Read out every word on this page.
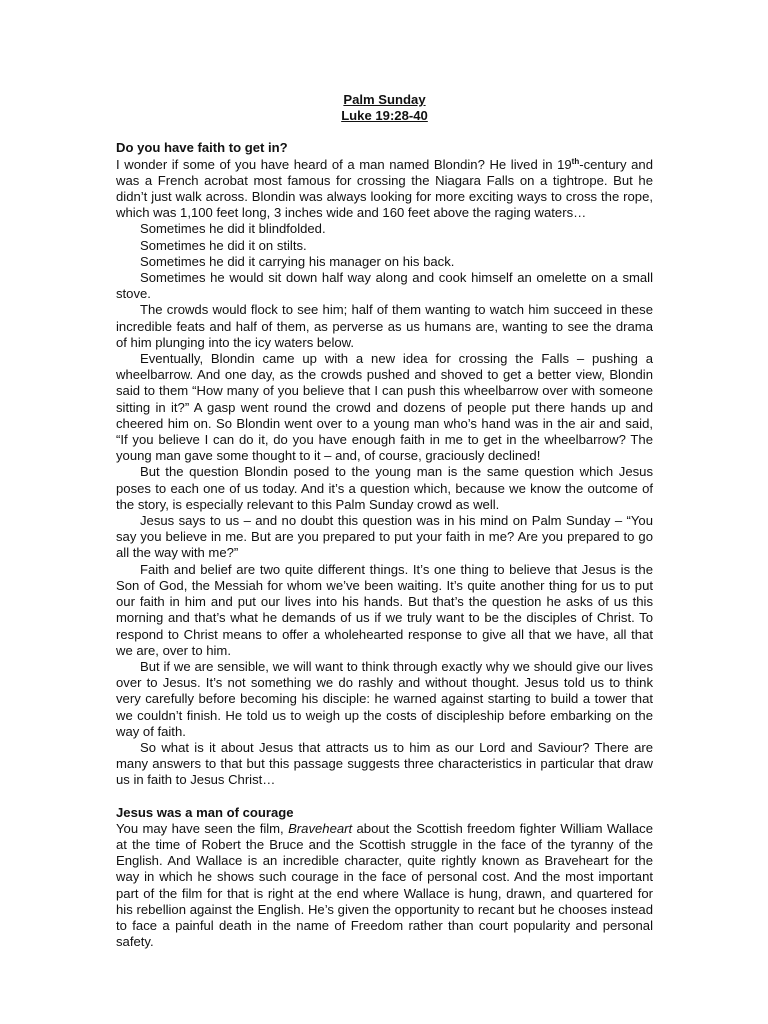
Palm Sunday
Luke 19:28-40
Do you have faith to get in?

I wonder if some of you have heard of a man named Blondin? He lived in 19th-century and was a French acrobat most famous for crossing the Niagara Falls on a tightrope. But he didn’t just walk across. Blondin was always looking for more exciting ways to cross the rope, which was 1,100 feet long, 3 inches wide and 160 feet above the raging waters…

Sometimes he did it blindfolded.

Sometimes he did it on stilts.

Sometimes he did it carrying his manager on his back.

Sometimes he would sit down half way along and cook himself an omelette on a small stove.

The crowds would flock to see him; half of them wanting to watch him succeed in these incredible feats and half of them, as perverse as us humans are, wanting to see the drama of him plunging into the icy waters below.

Eventually, Blondin came up with a new idea for crossing the Falls – pushing a wheelbarrow. And one day, as the crowds pushed and shoved to get a better view, Blondin said to them “How many of you believe that I can push this wheelbarrow over with someone sitting in it?” A gasp went round the crowd and dozens of people put there hands up and cheered him on. So Blondin went over to a young man who’s hand was in the air and said, “If you believe I can do it, do you have enough faith in me to get in the wheelbarrow? The young man gave some thought to it – and, of course, graciously declined!

But the question Blondin posed to the young man is the same question which Jesus poses to each one of us today. And it’s a question which, because we know the outcome of the story, is especially relevant to this Palm Sunday crowd as well.

Jesus says to us – and no doubt this question was in his mind on Palm Sunday – “You say you believe in me. But are you prepared to put your faith in me? Are you prepared to go all the way with me?”

Faith and belief are two quite different things. It’s one thing to believe that Jesus is the Son of God, the Messiah for whom we’ve been waiting. It’s quite another thing for us to put our faith in him and put our lives into his hands. But that’s the question he asks of us this morning and that’s what he demands of us if we truly want to be the disciples of Christ. To respond to Christ means to offer a wholehearted response to give all that we have, all that we are, over to him.

But if we are sensible, we will want to think through exactly why we should give our lives over to Jesus. It’s not something we do rashly and without thought. Jesus told us to think very carefully before becoming his disciple: he warned against starting to build a tower that we couldn’t finish. He told us to weigh up the costs of discipleship before embarking on the way of faith.

So what is it about Jesus that attracts us to him as our Lord and Saviour? There are many answers to that but this passage suggests three characteristics in particular that draw us in faith to Jesus Christ…

Jesus was a man of courage

You may have seen the film, Braveheart about the Scottish freedom fighter William Wallace at the time of Robert the Bruce and the Scottish struggle in the face of the tyranny of the English. And Wallace is an incredible character, quite rightly known as Braveheart for the way in which he shows such courage in the face of personal cost. And the most important part of the film for that is right at the end where Wallace is hung, drawn, and quartered for his rebellion against the English. He’s given the opportunity to recant but he chooses instead to face a painful death in the name of Freedom rather than court popularity and personal safety.
